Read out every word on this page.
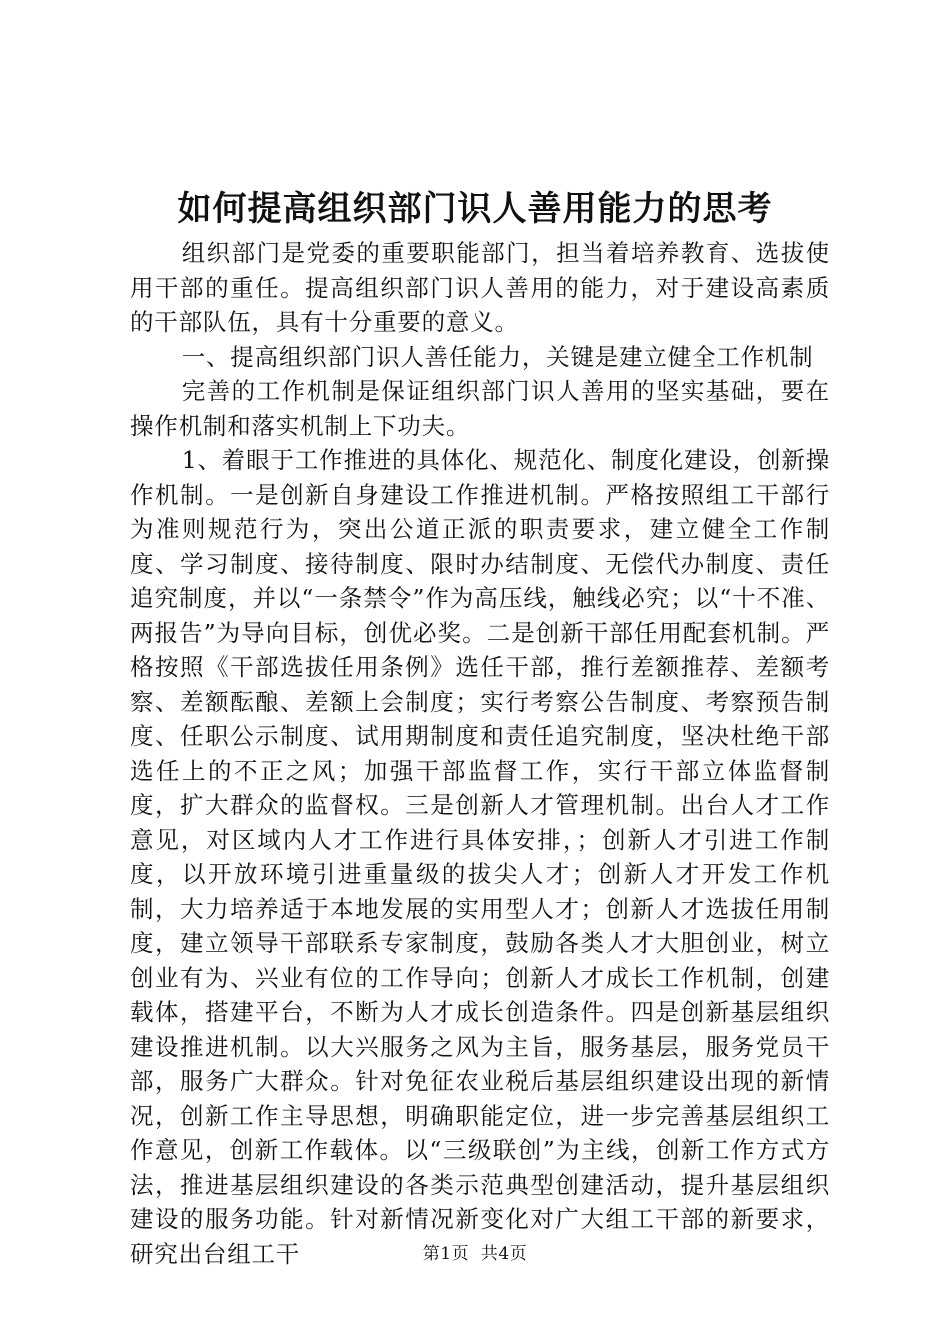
如何提高组织部门识人善用能力的思考

组织部门是党委的重要职能部门，担当着培养教育、选拔使用干部的重任。提高组织部门识人善用的能力，对于建设高素质的干部队伍，具有十分重要的意义。

一、提高组织部门识人善任能力，关键是建立健全工作机制

完善的工作机制是保证组织部门识人善用的坚实基础，要在操作机制和落实机制上下功夫。

1、着眼于工作推进的具体化、规范化、制度化建设，创新操作机制。一是创新自身建设工作推进机制。严格按照组工干部行为准则规范行为，突出公道正派的职责要求，建立健全工作制度、学习制度、接待制度、限时办结制度、无偿代办制度、责任追究制度，并以“一条禁令”作为高压线，触线必究；以“十不准、两报告”为导向目标，创优必奖。二是创新干部任用配套机制。严格按照《干部选拔任用条例》选任干部，推行差额推荐、差额考察、差额酝酿、差额上会制度；实行考察公告制度、考察预告制度、任职公示制度、试用期制度和责任追究制度，坚决杜绝干部选任上的不正之风；加强干部监督工作，实行干部立体监督制度，扩大群众的监督权。三是创新人才管理机制。出台人才工作意见，对区域内人才工作进行具体安排，；创新人才引进工作制度，以开放环境引进重量级的拔尖人才；创新人才开发工作机制，大力培养适于本地发展的实用型人才；创新人才选拔任用制度，建立领导干部联系专家制度，鼓励各类人才大胆创业，树立创业有为、兴业有位的工作导向；创新人才成长工作机制，创建载体，搭建平台，不断为人才成长创造条件。四是创新基层组织建设推进机制。以大兴服务之风为主旨，服务基层，服务党员干部，服务广大群众。针对免征农业税后基层组织建设出现的新情况，创新工作主导思想，明确职能定位，进一步完善基层组织工作意见，创新工作载体。以“三级联创”为主线，创新工作方式方法，推进基层组织建设的各类示范典型创建活动，提升基层组织建设的服务功能。针对新情况新变化对广大组工干部的新要求，研究出台组工干	第1页 共4页
